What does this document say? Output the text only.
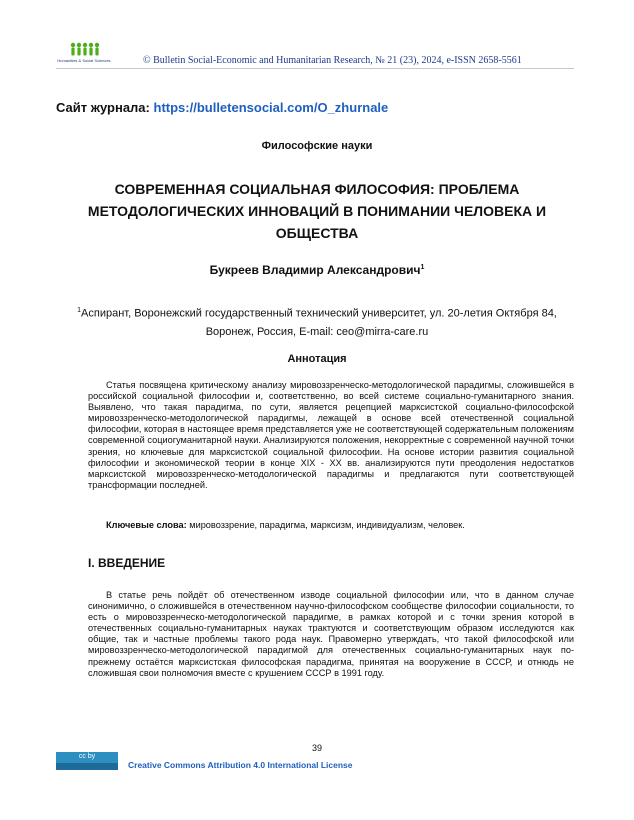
Humanities & Social Sciences	© Bulletin Social-Economic and Humanitarian Research, № 21 (23), 2024, e-ISSN 2658-5561
Сайт журнала: https://bulletensocial.com/O_zhurnale
Философские науки
СОВРЕМЕННАЯ СОЦИАЛЬНАЯ ФИЛОСОФИЯ: ПРОБЛЕМА МЕТОДОЛОГИЧЕСКИХ ИННОВАЦИЙ В ПОНИМАНИИ ЧЕЛОВЕКА И ОБЩЕСТВА
Букреев Владимир Александрович$^1$
$^1$Аспирант, Воронежский государственный технический университет, ул. 20-летия Октября 84,
Воронеж, Россия, E-mail: ceo@mirra-care.ru
Аннотация
Статья посвящена критическому анализу мировоззренческо-методологической парадигмы, сложившейся в российской социальной философии и, соответственно, во всей системе социально-гуманитарного знания. Выявлено, что такая парадигма, по сути, является рецепцией марксистской социально-философской мировоззренческо-методологической парадигмы, лежащей в основе всей отечественной социальной философии, которая в настоящее время представляется уже не соответствующей содержательным положениям современной социогуманитарной науки. Анализируются положения, некорректные с современной научной точки зрения, но ключевые для марксистской социальной философии. На основе истории развития социальной философии и экономической теории в конце XIX - XX вв. анализируются пути преодоления недостатков марксистской мировоззренческо-методологической парадигмы и предлагаются пути соответствующей трансформации последней.
Ключевые слова: мировоззрение, парадигма, марксизм, индивидуализм, человек.
I. ВВЕДЕНИЕ
В статье речь пойдёт об отечественном изводе социальной философии или, что в данном случае синонимично, о сложившейся в отечественном научно-философском сообществе философии социальности, то есть о мировоззренческо-методологической парадигме, в рамках которой и с точки зрения которой в отечественных социально-гуманитарных науках трактуются и соответствующим образом исследуются как общие, так и частные проблемы такого рода наук. Правомерно утверждать, что такой философской или мировоззренческо-методологической парадигмой для отечественных социально-гуманитарных наук по-прежнему остаётся марксистская философская парадигма, принятая на вооружение в СССР, и отнюдь не сложившая свои полномочия вместе с крушением СССР в 1991 году.
39
cc by
Creative Commons Attribution 4.0 International License
